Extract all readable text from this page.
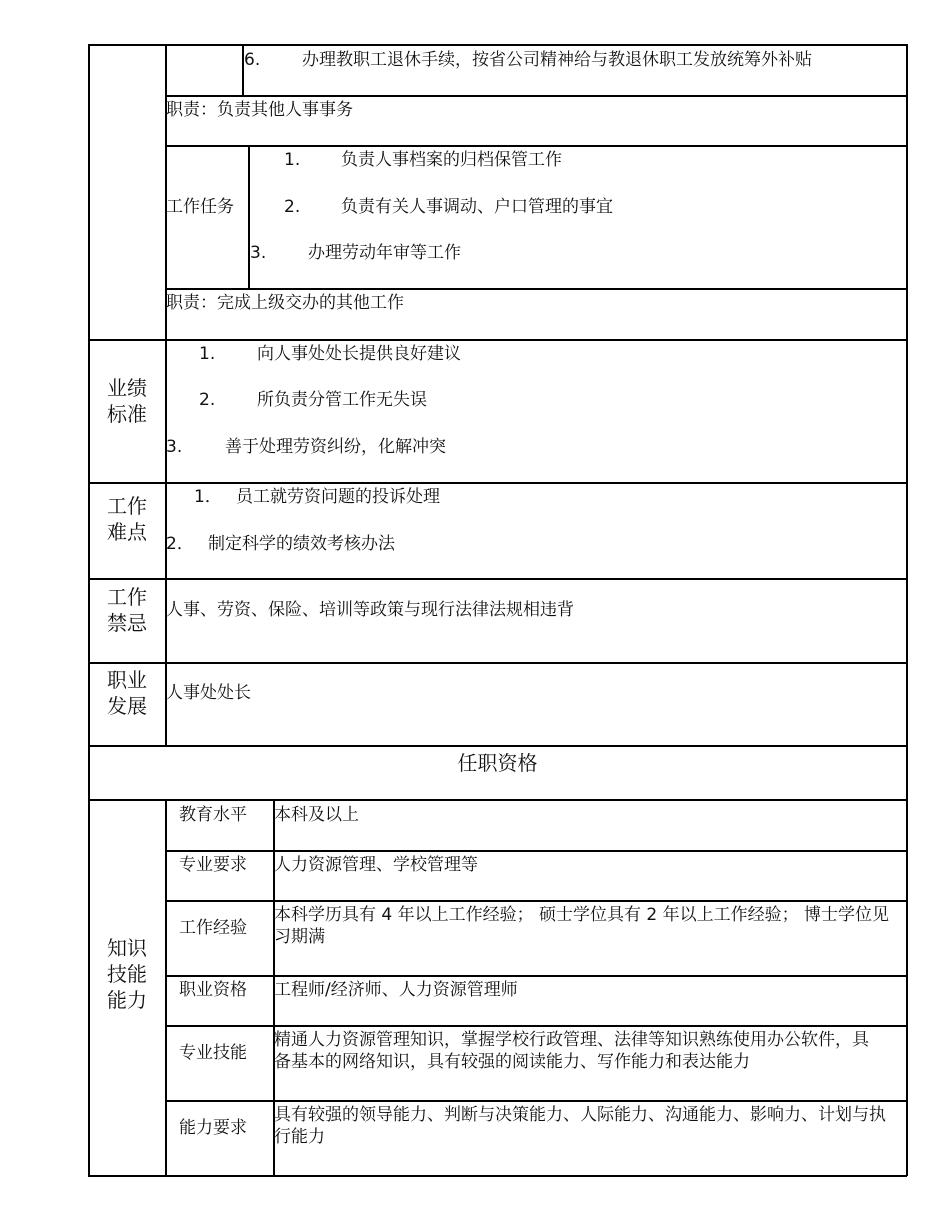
6. 办理教职工退休手续，按省公司精神给与教退休职工发放统筹外补贴
职责：负责其他人事事务
工作任务
1. 负责人事档案的归档保管工作
2. 负责有关人事调动、户口管理的事宜
3. 办理劳动年审等工作
职责：完成上级交办的其他工作
业绩
标准
1. 向人事处处长提供良好建议
2. 所负责分管工作无失误
3.	善于处理劳资纠纷，化解冲突
工作
难点
1． 员工就劳资问题的投诉处理
2． 制定科学的绩效考核办法
工作
禁忌
人事、劳资、保险、培训等政策与现行法律法规相违背
职业
发展
人事处处长
任职资格
知识
技能
能力
教育水平 本科及以上
专业要求 人力资源管理、学校管理等
工作经验
本科学历具有 4 年以上工作经验； 硕士学位具有 2 年以上工作经验； 博士学位见习期满
职业资格 工程师/经济师、人力资源管理师
专业技能
精通人力资源管理知识，掌握学校行政管理、法律等知识熟练使用办公软件，具备基本的网络知识，具有较强的阅读能力、写作能力和表达能力
能力要求
具有较强的领导能力、判断与决策能力、人际能力、沟通能力、影响力、计划与执行能力
